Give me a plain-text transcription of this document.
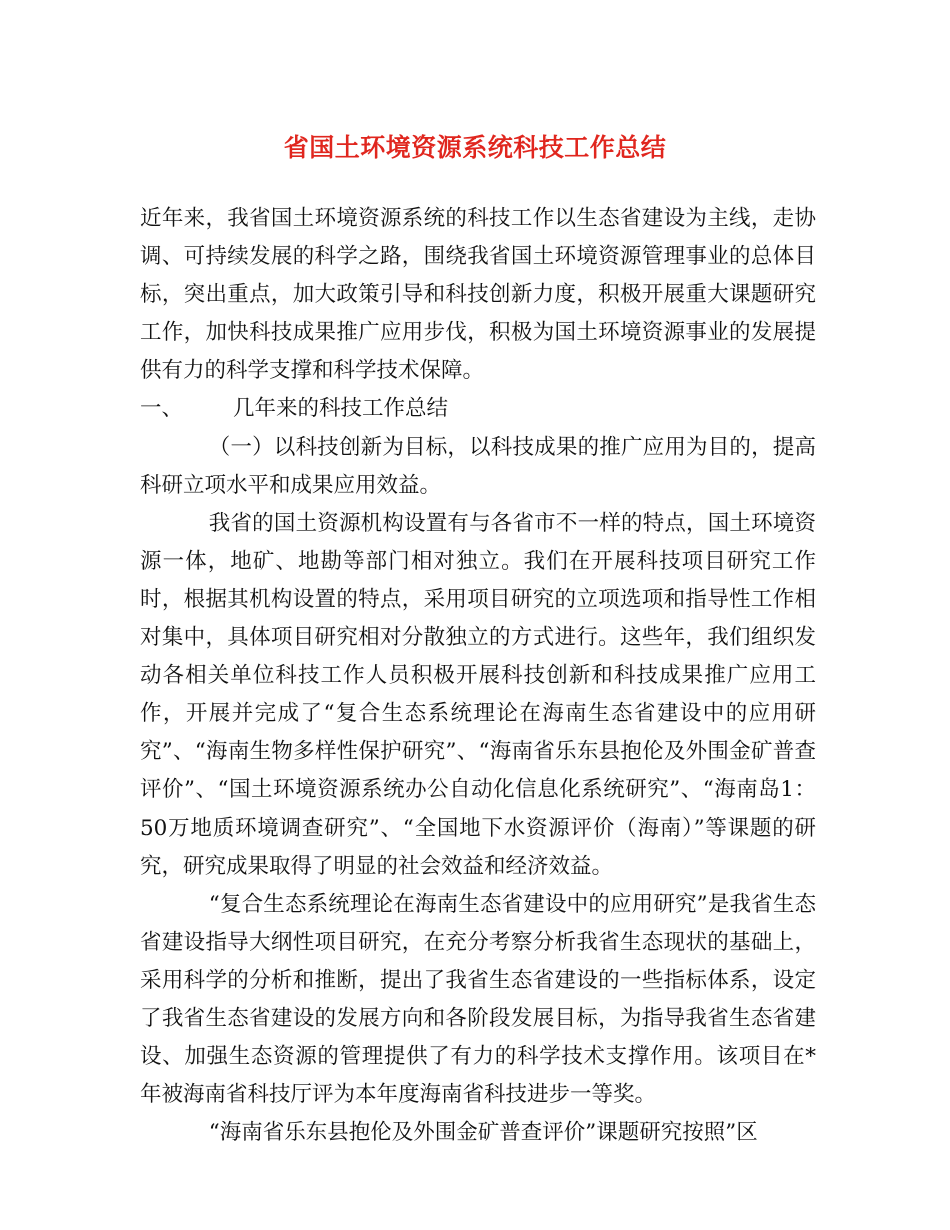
省国土环境资源系统科技工作总结

近年来，我省国土环境资源系统的科技工作以生态省建设为主线，走协调、可持续发展的科学之路，围绕我省国土环境资源管理事业的总体目标，突出重点，加大政策引导和科技创新力度，积极开展重大课题研究工作，加快科技成果推广应用步伐，积极为国土环境资源事业的发展提供有力的科学支撑和科学技术保障。

一、 几年来的科技工作总结

（一）以科技创新为目标，以科技成果的推广应用为目的，提高科研立项水平和成果应用效益。

我省的国土资源机构设置有与各省市不一样的特点，国土环境资源一体，地矿、地勘等部门相对独立。我们在开展科技项目研究工作时，根据其机构设置的特点，采用项目研究的立项选项和指导性工作相对集中，具体项目研究相对分散独立的方式进行。这些年，我们组织发动各相关单位科技工作人员积极开展科技创新和科技成果推广应用工作，开展并完成了“复合生态系统理论在海南生态省建设中的应用研究”、“海南生物多样性保护研究”、“海南省乐东县抱伦及外围金矿普查评价”、“国土环境资源系统办公自动化信息化系统研究”、“海南岛1：50万地质环境调查研究”、“全国地下水资源评价（海南）”等课题的研究，研究成果取得了明显的社会效益和经济效益。

“复合生态系统理论在海南生态省建设中的应用研究”是我省生态省建设指导大纲性项目研究，在充分考察分析我省生态现状的基础上，采用科学的分析和推断，提出了我省生态省建设的一些指标体系，设定了我省生态省建设的发展方向和各阶段发展目标，为指导我省生态省建设、加强生态资源的管理提供了有力的科学技术支撑作用。该项目在*年被海南省科技厅评为本年度海南省科技进步一等奖。

“海南省乐东县抱伦及外围金矿普查评价”课题研究按照”区
